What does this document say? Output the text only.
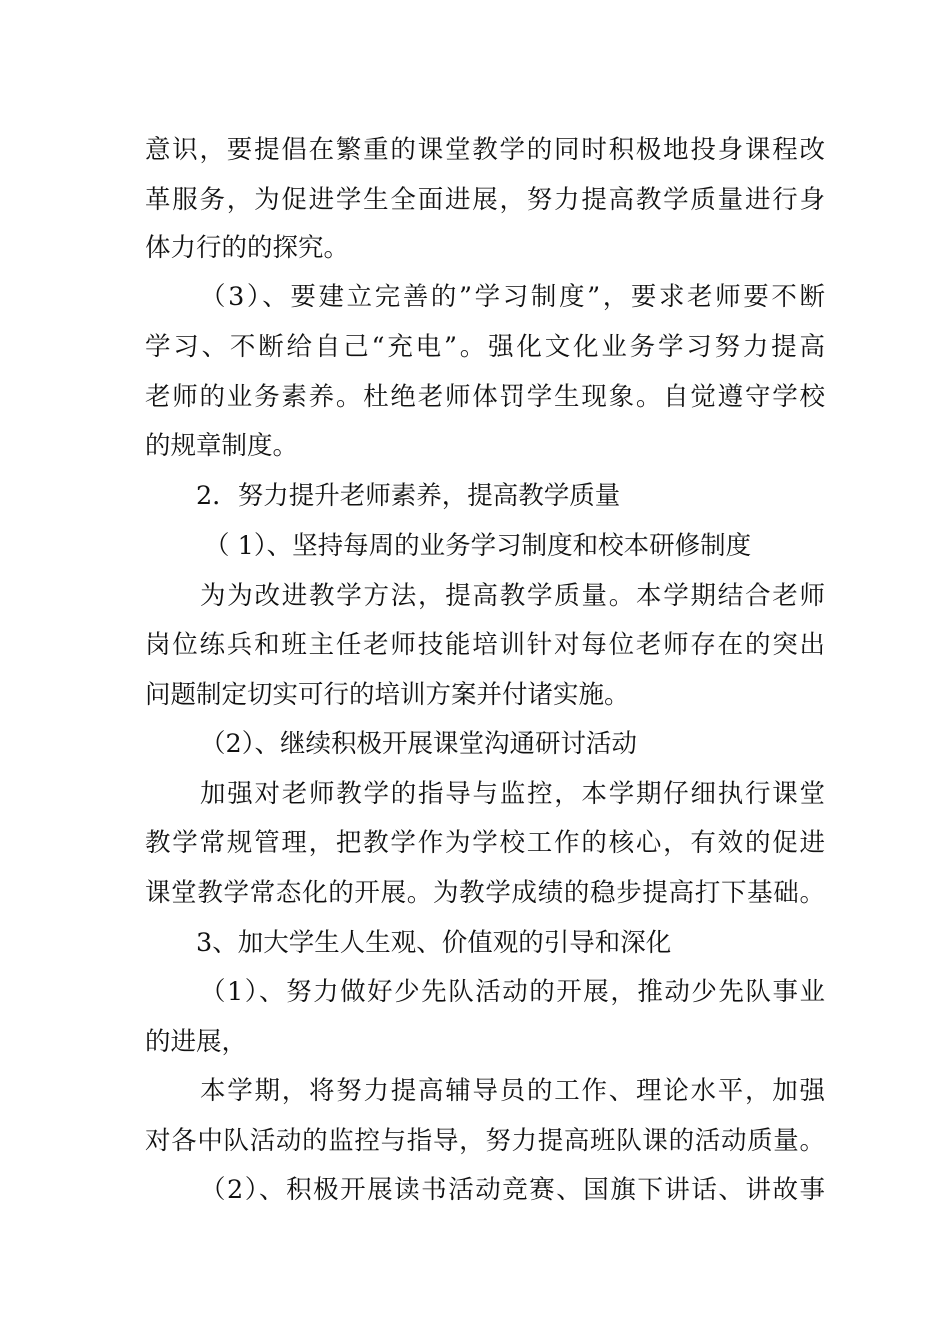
意识，要提倡在繁重的课堂教学的同时积极地投身课程改
革服务，为促进学生全面进展，努力提高教学质量进行身
体力行的的探究。
（3）、要建立完善的”学习制度”，要求老师要不断
学习、不断给自己“充电”。强化文化业务学习努力提高
老师的业务素养。杜绝老师体罚学生现象。自觉遵守学校
的规章制度。
2．努力提升老师素养，提高教学质量
（ 1）、坚持每周的业务学习制度和校本研修制度
为为改进教学方法，提高教学质量。本学期结合老师
岗位练兵和班主任老师技能培训针对每位老师存在的突出
问题制定切实可行的培训方案并付诸实施。
（2）、继续积极开展课堂沟通研讨活动
加强对老师教学的指导与监控，本学期仔细执行课堂
教学常规管理，把教学作为学校工作的核心，有效的促进
课堂教学常态化的开展。为教学成绩的稳步提高打下基础。
3、加大学生人生观、价值观的引导和深化
（1）、努力做好少先队活动的开展，推动少先队事业
的进展，
本学期，将努力提高辅导员的工作、理论水平，加强
对各中队活动的监控与指导，努力提高班队课的活动质量。
（2）、积极开展读书活动竞赛、国旗下讲话、讲故事
